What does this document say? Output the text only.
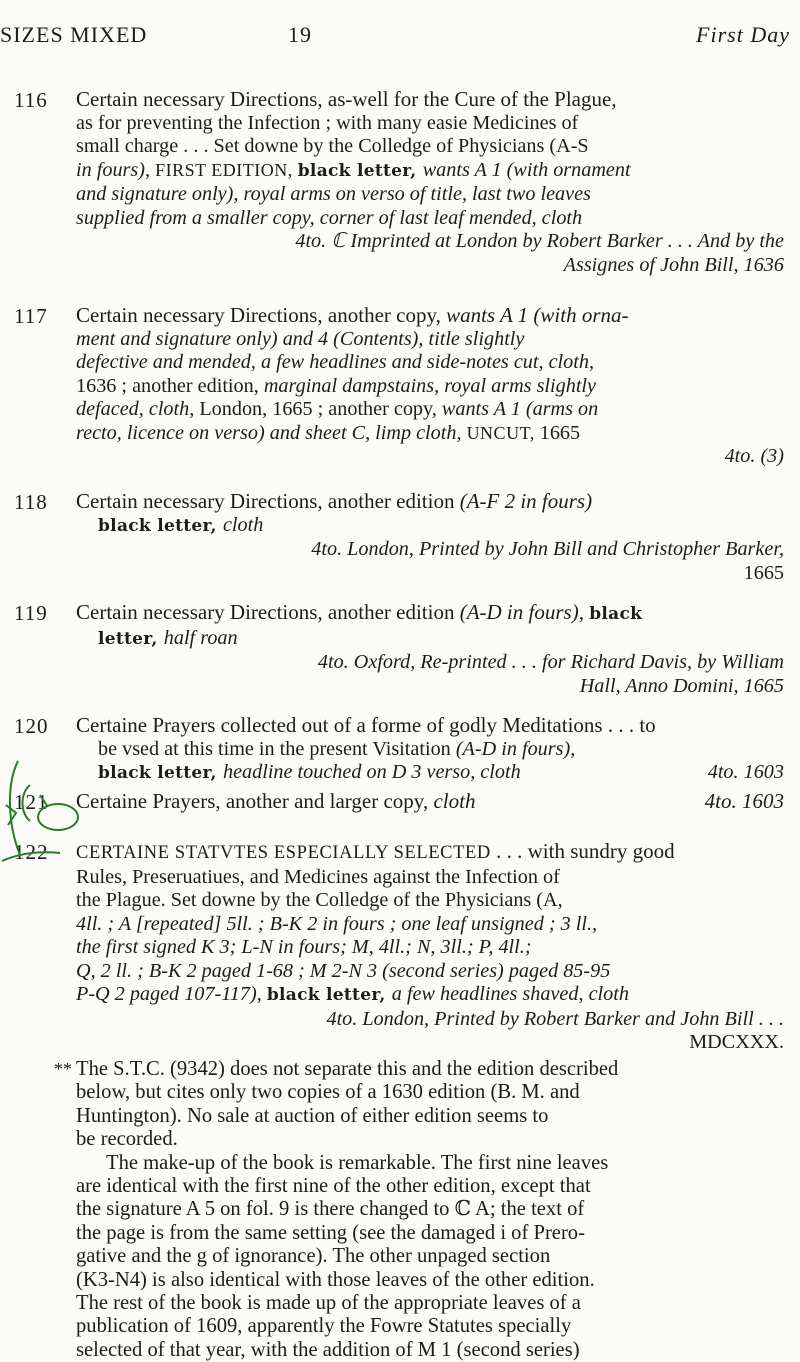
SIZES MIXED	19	First Day
116 Certain necessary Directions, as-well for the Cure of the Plague,
as for preventing the Infection ; with many easie Medicines of
small charge . . . Set downe by the Colledge of Physicians (A-S
in fours), FIRST EDITION, black letter, wants A 1 (with ornament
and signature only), royal arms on verso of title, last two leaves
supplied from a smaller copy, corner of last leaf mended, cloth
4to. ℂ Imprinted at London by Robert Barker . . . And by the
Assignes of John Bill, 1636
117 Certain necessary Directions, another copy, wants A 1 (with orna-
ment and signature only) and 4 (Contents), title slightly
defective and mended, a few headlines and side-notes cut, cloth,
1636 ; another edition, marginal dampstains, royal arms slightly
defaced, cloth, London, 1665 ; another copy, wants A 1 (arms on
recto, licence on verso) and sheet C, limp cloth, UNCUT, 1665
4to. (3)
118 Certain necessary Directions, another edition (A-F 2 in fours)
black letter, cloth
4to. London, Printed by John Bill and Christopher Barker,
1665
119 Certain necessary Directions, another edition (A-D in fours), black
letter, half roan
4to. Oxford, Re-printed . . . for Richard Davis, by William
Hall, Anno Domini, 1665
120 Certaine Prayers collected out of a forme of godly Meditations . . . to
be vsed at this time in the present Visitation (A-D in fours),
black letter, headline touched on D 3 verso, cloth	4to. 1603
121 Certaine Prayers, another and larger copy, cloth	4to. 1603
122 CERTAINE STATVTES ESPECIALLY SELECTED . . . with sundry good
Rules, Preseruatiues, and Medicines against the Infection of
the Plague. Set downe by the Colledge of the Physicians (A,
4ll. ; A [repeated] 5ll. ; B-K 2 in fours ; one leaf unsigned ; 3 ll.,
the first signed K 3; L-N in fours; M, 4ll.; N, 3ll.; P, 4ll.;
Q, 2 ll. ; B-K 2 paged 1-68 ; M 2-N 3 (second series) paged 85-95
P-Q 2 paged 107-117), black letter, a few headlines shaved, cloth
4to. London, Printed by Robert Barker and John Bill . . .
MDCXXX.
** The S.T.C. (9342) does not separate this and the edition described
below, but cites only two copies of a 1630 edition (B. M. and
Huntington). No sale at auction of either edition seems to
be recorded.
The make-up of the book is remarkable. The first nine leaves
are identical with the first nine of the other edition, except that
the signature A 5 on fol. 9 is there changed to ℂ A; the text of
the page is from the same setting (see the damaged i of Prero-
gative and the g of ignorance). The other unpaged section
(K3-N4) is also identical with those leaves of the other edition.
The rest of the book is made up of the appropriate leaves of a
publication of 1609, apparently the Fowre Statutes specially
selected of that year, with the addition of M 1 (second series)
